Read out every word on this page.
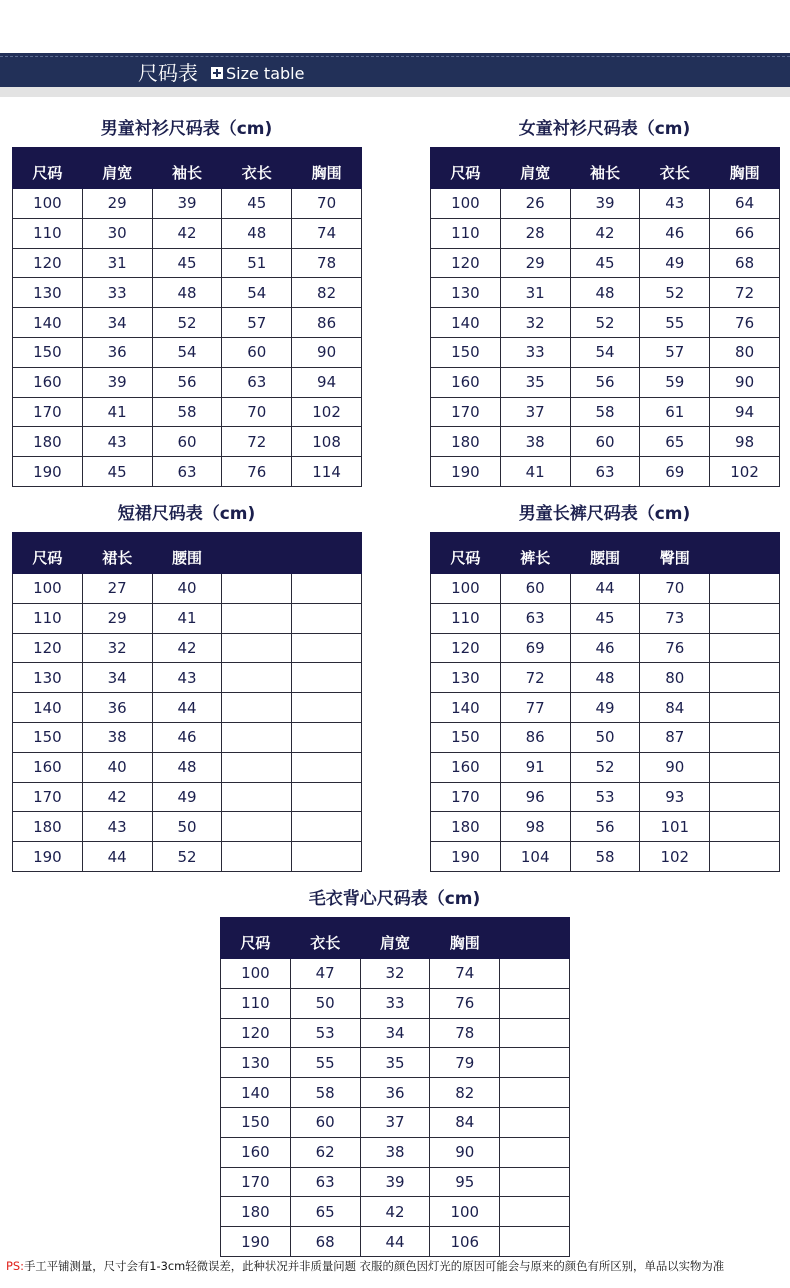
尺码表 Size table
男童衬衫尺码表（cm)
尺码	肩宽	袖长	衣长	胸围
100	29	39	45	70
110	30	42	48	74
120	31	45	51	78
130	33	48	54	82
140	34	52	57	86
150	36	54	60	90
160	39	56	63	94
170	41	58	70	102
180	43	60	72	108
190	45	63	76	114
女童衬衫尺码表（cm)
尺码	肩宽	袖长	衣长	胸围
100	26	39	43	64
110	28	42	46	66
120	29	45	49	68
130	31	48	52	72
140	32	52	55	76
150	33	54	57	80
160	35	56	59	90
170	37	58	61	94
180	38	60	65	98
190	41	63	69	102
短裙尺码表（cm)
尺码	裙长	腰围		
100	27	40		
110	29	41		
120	32	42		
130	34	43		
140	36	44		
150	38	46		
160	40	48		
170	42	49		
180	43	50		
190	44	52		
男童长裤尺码表（cm)
尺码	裤长	腰围	臀围	
100	60	44	70	
110	63	45	73	
120	69	46	76	
130	72	48	80	
140	77	49	84	
150	86	50	87	
160	91	52	90	
170	96	53	93	
180	98	56	101	
190	104	58	102	
毛衣背心尺码表（cm)
尺码	衣长	肩宽	胸围	
100	47	32	74	
110	50	33	76	
120	53	34	78	
130	55	35	79	
140	58	36	82	
150	60	37	84	
160	62	38	90	
170	63	39	95	
180	65	42	100	
190	68	44	106	
PS:手工平铺测量，尺寸会有1-3cm轻微误差，此种状况并非质量问题 衣服的颜色因灯光的原因可能会与原来的颜色有所区别，单品以实物为准
